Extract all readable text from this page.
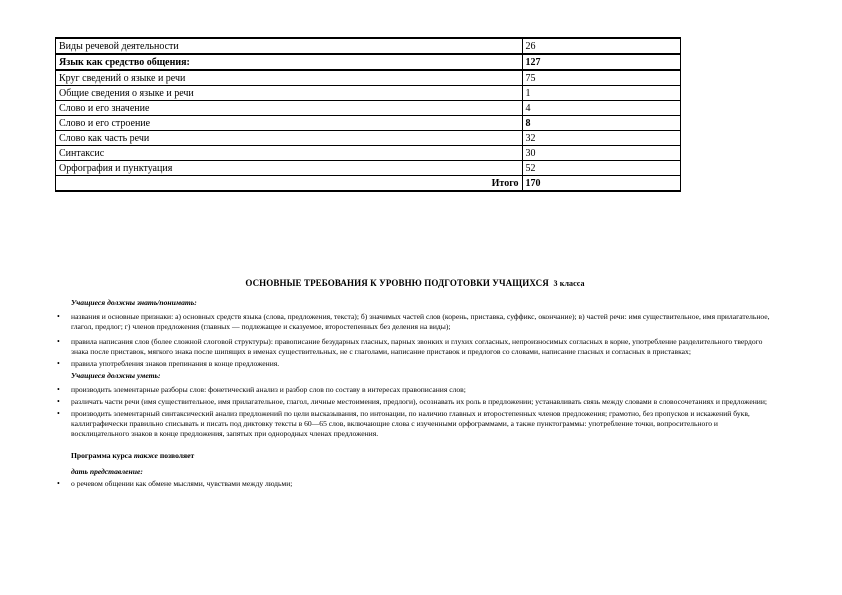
Виды речевой деятельности	26
Язык как средство общения:	127
Круг сведений о языке и речи	75
Общие сведения о языке и речи	1
Слово и его значение	4
Слово и его строение	8
Слово как часть речи	32
Синтаксис	30
Орфография и пунктуация	52
Итого	170
ОСНОВНЫЕ ТРЕБОВАНИЯ К УРОВНЮ ПОДГОТОВКИ УЧАЩИХСЯ 3 класса
Учащиеся должны знать/понимать:
• названия и основные признаки: а) основных средств языка (слова, предложения, текста); б) значимых частей слов (корень, приставка, суффикс, окончание); в) частей речи: имя существительное, имя прилагательное, глагол, предлог; г) членов предложения (главных — подлежащее и сказуемое, второстепенных без деления на виды);
• правила написания слов (более сложной слоговой структуры): правописание безударных гласных, парных звонких и глухих согласных, непроизносимых согласных в корне, употребление разделительного твердого знака после приставок, мягкого знака после шипящих в именах существительных, не с глаголами, написание приставок и предлогов со словами, написание гласных и согласных в приставках;
• правила употребления знаков препинания в конце предложения.
Учащиеся должны уметь:
• производить элементарные разборы слов: фонетический анализ и разбор слов по составу в интересах правописания слов;
• различать части речи (имя существительное, имя прилагательное, глагол, личные местоимения, предлоги), осознавать их роль в предложении; устанавливать связь между словами в словосочетаниях и предложении;
• производить элементарный синтаксический анализ предложений по цели высказывания, по интонации, по наличию главных и второстепенных членов предложения; грамотно, без пропусков и искажений букв, каллиграфически правильно списывать и писать под диктовку тексты в 60—65 слов, включающие слова с изученными орфограммами, а также пунктограммы: употребление точки, вопросительного и восклицательного знаков в конце предложения, запятых при однородных членах предложения.
Программа курса также позволяет
дать представление:
• о речевом общении как обмене мыслями, чувствами между людьми;
